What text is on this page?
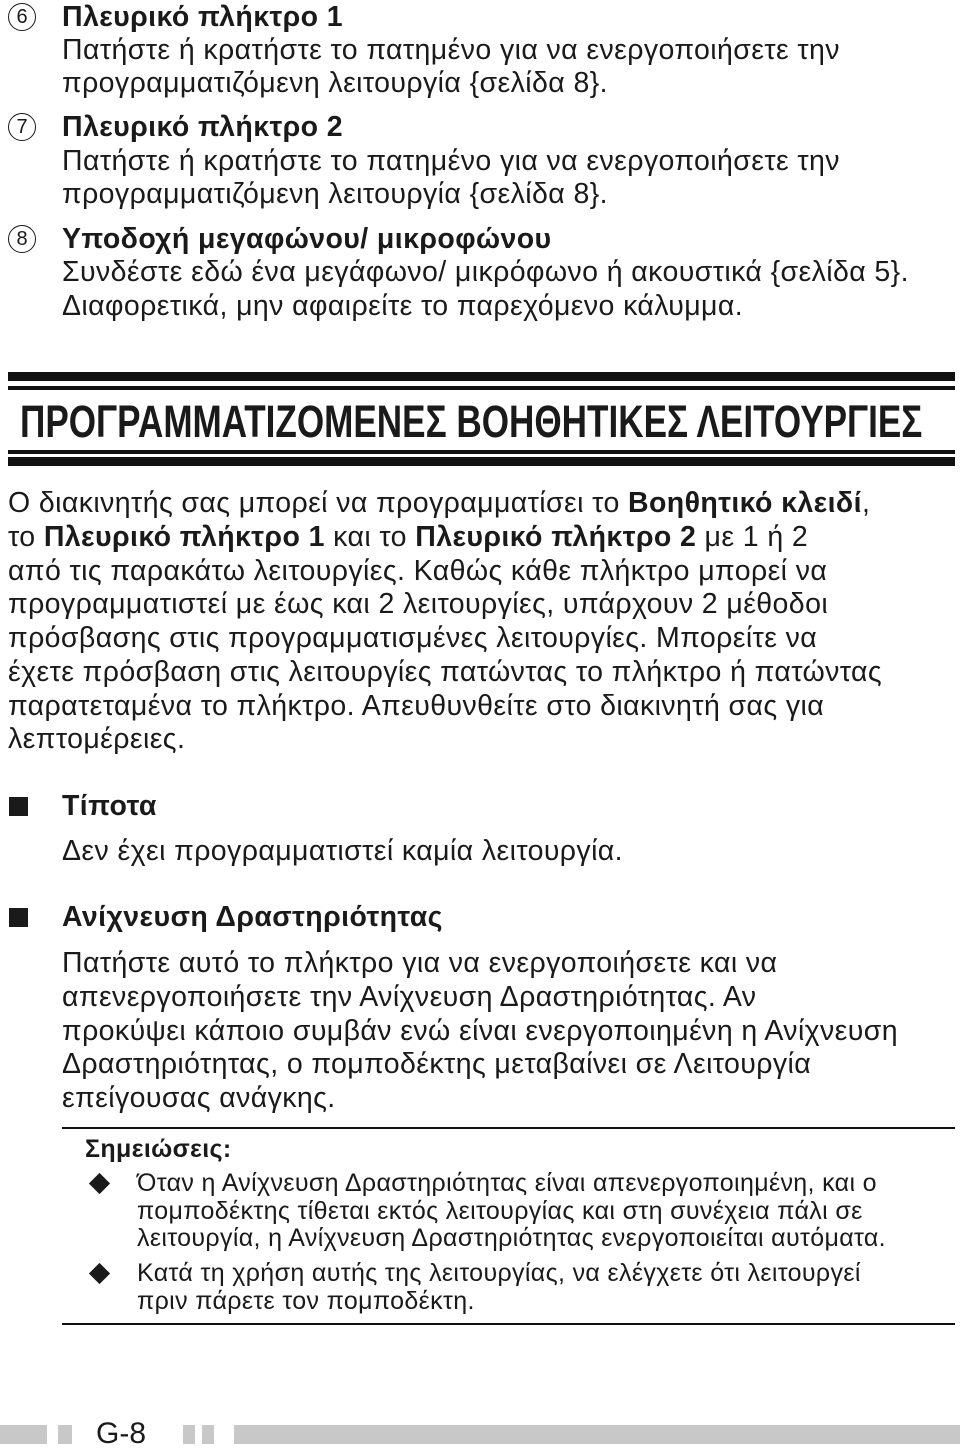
6 Πλευρικό πλήκτρο 1
Πατήστε ή κρατήστε το πατημένο για να ενεργοποιήσετε την
προγραμματιζόμενη λειτουργία {σελίδα 8}.
7 Πλευρικό πλήκτρο 2
Πατήστε ή κρατήστε το πατημένο για να ενεργοποιήσετε την
προγραμματιζόμενη λειτουργία {σελίδα 8}.
8 Υποδοχή μεγαφώνου/ μικροφώνου
Συνδέστε εδώ ένα μεγάφωνο/ μικρόφωνο ή ακουστικά {σελίδα 5}.
Διαφορετικά, μην αφαιρείτε το παρεχόμενο κάλυμμα.
ΠΡΟΓΡΑΜΜΑΤΙΖΟΜΕΝΕΣ ΒΟΗΘΗΤΙΚΕΣ ΛΕΙΤΟΥΡΓΙΕΣ
Ο διακινητής σας μπορεί να προγραμματίσει το Βοηθητικό κλειδί,
το Πλευρικό πλήκτρο 1 και το Πλευρικό πλήκτρο 2 με 1 ή 2
από τις παρακάτω λειτουργίες. Καθώς κάθε πλήκτρο μπορεί να
προγραμματιστεί με έως και 2 λειτουργίες, υπάρχουν 2 μέθοδοι
πρόσβασης στις προγραμματισμένες λειτουργίες. Μπορείτε να
έχετε πρόσβαση στις λειτουργίες πατώντας το πλήκτρο ή πατώντας
παρατεταμένα το πλήκτρο. Απευθυνθείτε στο διακινητή σας για
λεπτομέρειες.
Τίποτα
Δεν έχει προγραμματιστεί καμία λειτουργία.
Ανίχνευση Δραστηριότητας
Πατήστε αυτό το πλήκτρο για να ενεργοποιήσετε και να
απενεργοποιήσετε την Ανίχνευση Δραστηριότητας. Αν
προκύψει κάποιο συμβάν ενώ είναι ενεργοποιημένη η Ανίχνευση
Δραστηριότητας, ο πομποδέκτης μεταβαίνει σε Λειτουργία
επείγουσας ανάγκης.
Σημειώσεις:
Όταν η Ανίχνευση Δραστηριότητας είναι απενεργοποιημένη, και ο
πομποδέκτης τίθεται εκτός λειτουργίας και στη συνέχεια πάλι σε
λειτουργία, η Ανίχνευση Δραστηριότητας ενεργοποιείται αυτόματα.
Κατά τη χρήση αυτής της λειτουργίας, να ελέγχετε ότι λειτουργεί
πριν πάρετε τον πομποδέκτη.
G-8
